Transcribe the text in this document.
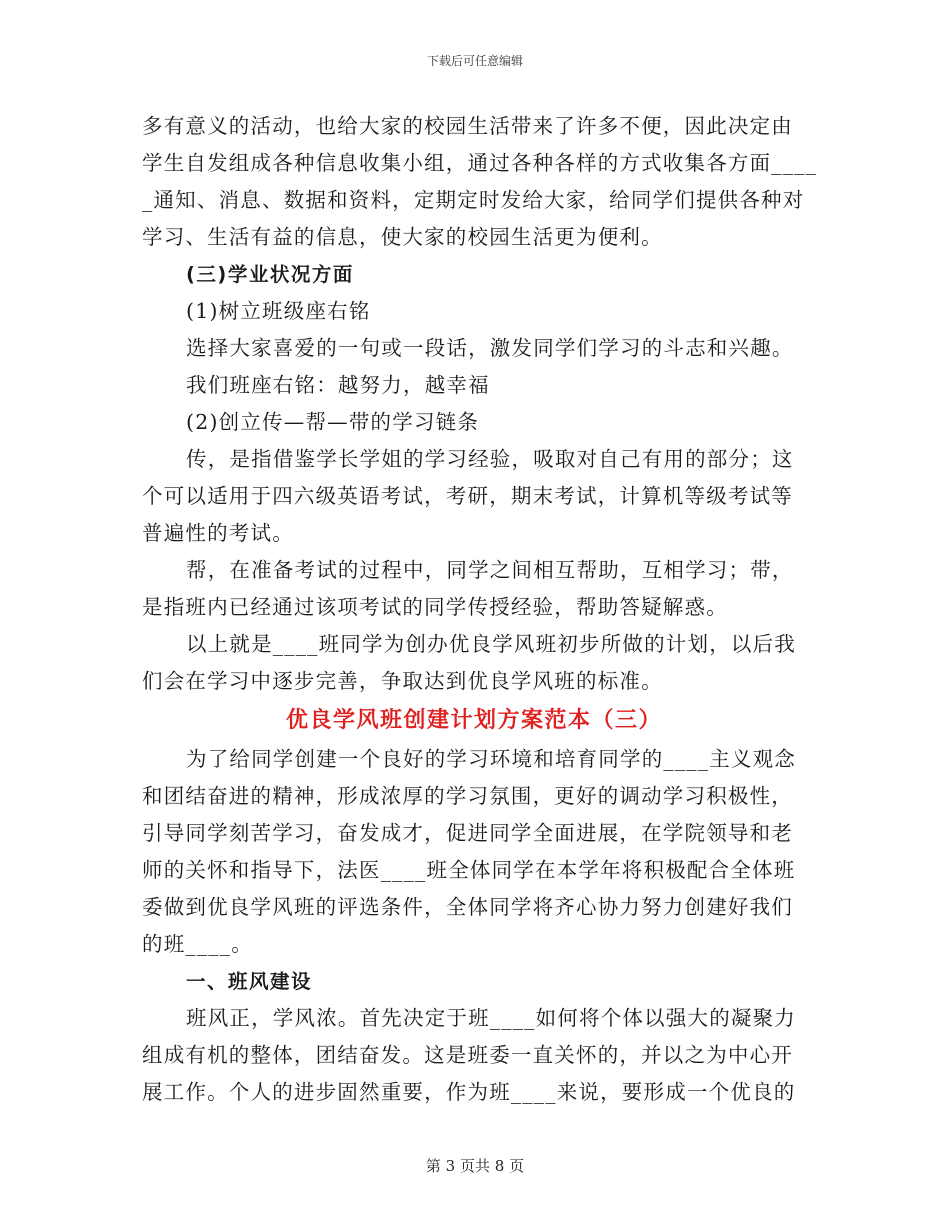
下载后可任意编辑
多有意义的活动，也给大家的校园生活带来了许多不便，因此决定由
学生自发组成各种信息收集小组，通过各种各样的方式收集各方面____
_通知、消息、数据和资料，定期定时发给大家，给同学们提供各种对
学习、生活有益的信息，使大家的校园生活更为便利。
(三)学业状况方面
(1)树立班级座右铭
选择大家喜爱的一句或一段话，激发同学们学习的斗志和兴趣。
我们班座右铭：越努力，越幸福
(2)创立传—帮—带的学习链条
传，是指借鉴学长学姐的学习经验，吸取对自己有用的部分；这
个可以适用于四六级英语考试，考研，期末考试，计算机等级考试等
普遍性的考试。
帮，在准备考试的过程中，同学之间相互帮助，互相学习；带，
是指班内已经通过该项考试的同学传授经验，帮助答疑解惑。
以上就是____班同学为创办优良学风班初步所做的计划，以后我
们会在学习中逐步完善，争取达到优良学风班的标准。
优良学风班创建计划方案范本（三）
为了给同学创建一个良好的学习环境和培育同学的____主义观念
和团结奋进的精神，形成浓厚的学习氛围，更好的调动学习积极性，
引导同学刻苦学习，奋发成才，促进同学全面进展，在学院领导和老
师的关怀和指导下，法医____班全体同学在本学年将积极配合全体班
委做到优良学风班的评选条件，全体同学将齐心协力努力创建好我们
的班____。
一、班风建设
班风正，学风浓。首先决定于班____如何将个体以强大的凝聚力
组成有机的整体，团结奋发。这是班委一直关怀的，并以之为中心开
展工作。个人的进步固然重要，作为班____来说，要形成一个优良的
第 3 页共 8 页
